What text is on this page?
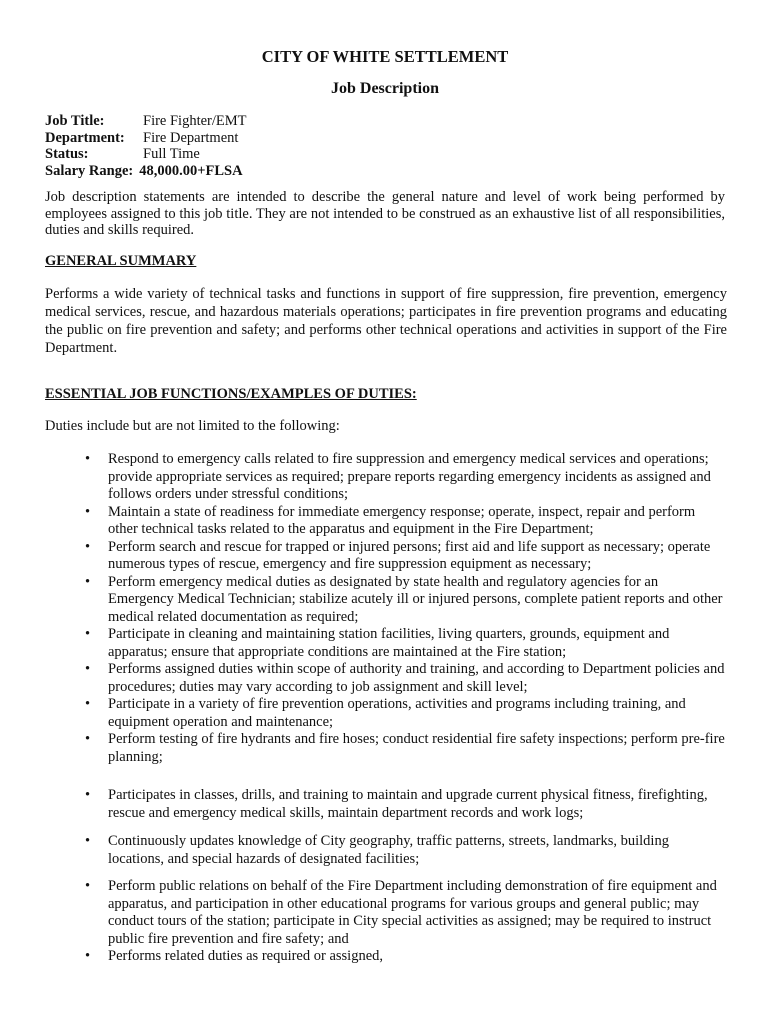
CITY OF WHITE SETTLEMENT
Job Description
Job Title:	Fire Fighter/EMT
Department: Fire Department
Status:	Full Time
Salary Range: 48,000.00+FLSA
Job description statements are intended to describe the general nature and level of work being performed by employees assigned to this job title. They are not intended to be construed as an exhaustive list of all responsibilities, duties and skills required.
GENERAL SUMMARY
Performs a wide variety of technical tasks and functions in support of fire suppression, fire prevention, emergency medical services, rescue, and hazardous materials operations; participates in fire prevention programs and educating the public on fire prevention and safety; and performs other technical operations and activities in support of the Fire Department.
ESSENTIAL JOB FUNCTIONS/EXAMPLES OF DUTIES:
Duties include but are not limited to the following:
• Respond to emergency calls related to fire suppression and emergency medical services and operations; provide appropriate services as required; prepare reports regarding emergency incidents as assigned and follows orders under stressful conditions;
• Maintain a state of readiness for immediate emergency response; operate, inspect, repair and perform other technical tasks related to the apparatus and equipment in the Fire Department;
• Perform search and rescue for trapped or injured persons; first aid and life support as necessary; operate numerous types of rescue, emergency and fire suppression equipment as necessary;
• Perform emergency medical duties as designated by state health and regulatory agencies for an Emergency Medical Technician; stabilize acutely ill or injured persons, complete patient reports and other medical related documentation as required;
• Participate in cleaning and maintaining station facilities, living quarters, grounds, equipment and apparatus; ensure that appropriate conditions are maintained at the Fire station;
• Performs assigned duties within scope of authority and training, and according to Department policies and procedures; duties may vary according to job assignment and skill level;
• Participate in a variety of fire prevention operations, activities and programs including training, and equipment operation and maintenance;
• Perform testing of fire hydrants and fire hoses; conduct residential fire safety inspections; perform pre-fire planning;
• Participates in classes, drills, and training to maintain and upgrade current physical fitness, firefighting, rescue and emergency medical skills, maintain department records and work logs;
• Continuously updates knowledge of City geography, traffic patterns, streets, landmarks, building locations, and special hazards of designated facilities;
• Perform public relations on behalf of the Fire Department including demonstration of fire equipment and apparatus, and participation in other educational programs for various groups and general public; may conduct tours of the station; participate in City special activities as assigned; may be required to instruct public fire prevention and fire safety; and
• Performs related duties as required or assigned,
